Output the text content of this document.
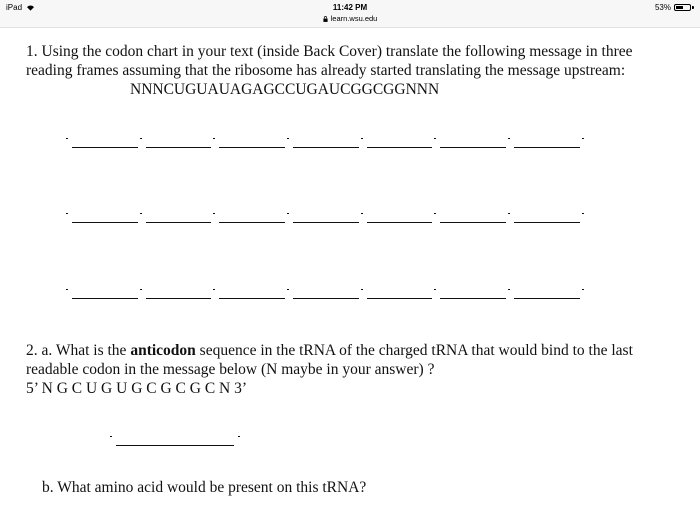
iPad	11:42 PM
learn.wsu.edu
53%
1. Using the codon chart in your text (inside Back Cover) translate the following message in three reading frames assuming that the ribosome has already started translating the message upstream: NNNCUGUAUAGAGCCUGAUCGGCGGNNN
2. a. What is the anticodon sequence in the tRNA of the charged tRNA that would bind to the last readable codon in the message below (N maybe in your answer) ?
5’ N G C U G U G C G C G C N 3’
b. What amino acid would be present on this tRNA?
